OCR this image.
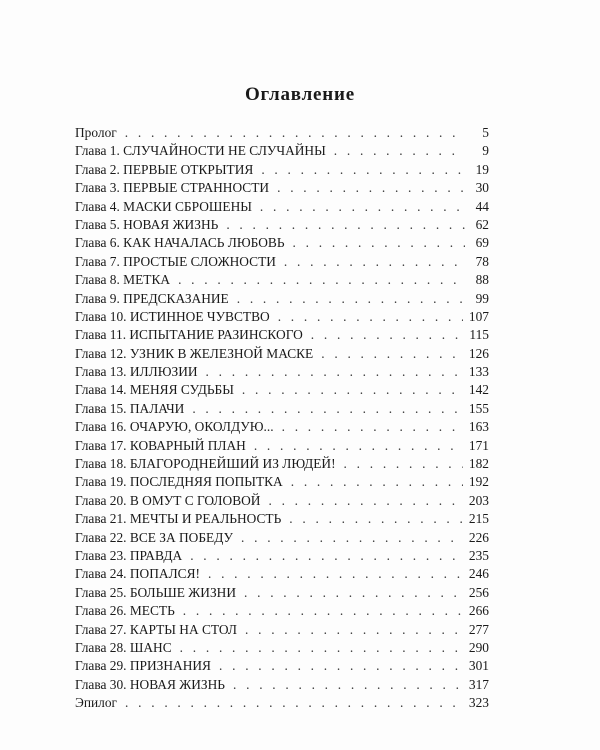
Оглавление
Пролог . . .	5
Глава 1. СЛУЧАЙНОСТИ НЕ СЛУЧАЙНЫ . . .	9
Глава 2. ПЕРВЫЕ ОТКРЫТИЯ . . .	19
Глава 3. ПЕРВЫЕ СТРАННОСТИ . . .	30
Глава 4. МАСКИ СБРОШЕНЫ . . .	44
Глава 5. НОВАЯ ЖИЗНЬ . . .	62
Глава 6. КАК НАЧАЛАСЬ ЛЮБОВЬ . . .	69
Глава 7. ПРОСТЫЕ СЛОЖНОСТИ . . .	78
Глава 8. МЕТКА . . .	88
Глава 9. ПРЕДСКАЗАНИЕ . . .	99
Глава 10. ИСТИННОЕ ЧУВСТВО . . .	107
Глава 11. ИСПЫТАНИЕ РАЗИНСКОГО . . .	115
Глава 12. УЗНИК В ЖЕЛЕЗНОЙ МАСКЕ . . .	126
Глава 13. ИЛЛЮЗИИ . . .	133
Глава 14. МЕНЯЯ СУДЬБЫ . . .	142
Глава 15. ПАЛАЧИ . . .	155
Глава 16. ОЧАРУЮ, ОКОЛДУЮ... . . .	163
Глава 17. КОВАРНЫЙ ПЛАН . . .	171
Глава 18. БЛАГОРОДНЕЙШИЙ ИЗ ЛЮДЕЙ! . . .	182
Глава 19. ПОСЛЕДНЯЯ ПОПЫТКА . . .	192
Глава 20. В ОМУТ С ГОЛОВОЙ . . .	203
Глава 21. МЕЧТЫ И РЕАЛЬНОСТЬ . . .	215
Глава 22. ВСЕ ЗА ПОБЕДУ . . .	226
Глава 23. ПРАВДА . . .	235
Глава 24. ПОПАЛСЯ! . . .	246
Глава 25. БОЛЬШЕ ЖИЗНИ . . .	256
Глава 26. МЕСТЬ . . .	266
Глава 27. КАРТЫ НА СТОЛ . . .	277
Глава 28. ШАНС . . .	290
Глава 29. ПРИЗНАНИЯ . . .	301
Глава 30. НОВАЯ ЖИЗНЬ . . .	317
Эпилог . . .	323
